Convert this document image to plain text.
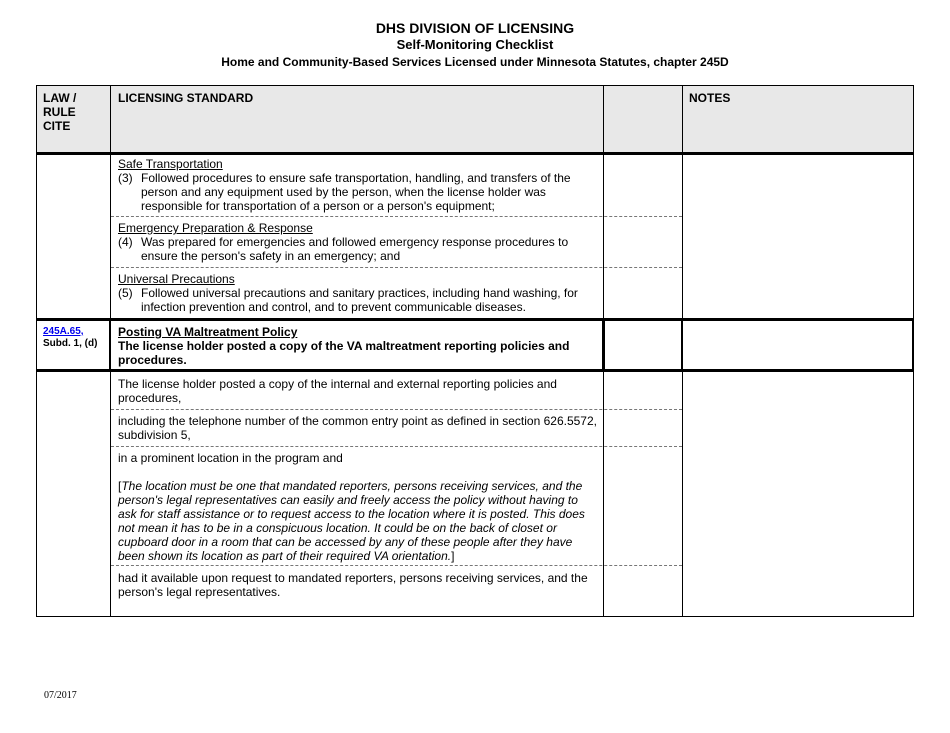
DHS DIVISION OF LICENSING
Self-Monitoring Checklist
Home and Community-Based Services Licensed under Minnesota Statutes, chapter 245D
LAW / RULE CITE
LICENSING STANDARD	NOTES
Safe Transportation
(3) Followed procedures to ensure safe transportation, handling, and transfers of the person and any equipment used by the person, when the license holder was responsible for transportation of a person or a person's equipment;
Emergency Preparation & Response
(4) Was prepared for emergencies and followed emergency response procedures to ensure the person's safety in an emergency; and
Universal Precautions
(5) Followed universal precautions and sanitary practices, including hand washing, for infection prevention and control, and to prevent communicable diseases.
245A.65,
Subd. 1, (d)
Posting VA Maltreatment Policy
The license holder posted a copy of the VA maltreatment reporting policies and procedures.
The license holder posted a copy of the internal and external reporting policies and procedures,
including the telephone number of the common entry point as defined in section 626.5572, subdivision 5,
in a prominent location in the program and
[The location must be one that mandated reporters, persons receiving services, and the person's legal representatives can easily and freely access the policy without having to ask for staff assistance or to request access to the location where it is posted. This does not mean it has to be in a conspicuous location. It could be on the back of closet or cupboard door in a room that can be accessed by any of these people after they have been shown its location as part of their required VA orientation.]
had it available upon request to mandated reporters, persons receiving services, and the person's legal representatives.
07/2017
